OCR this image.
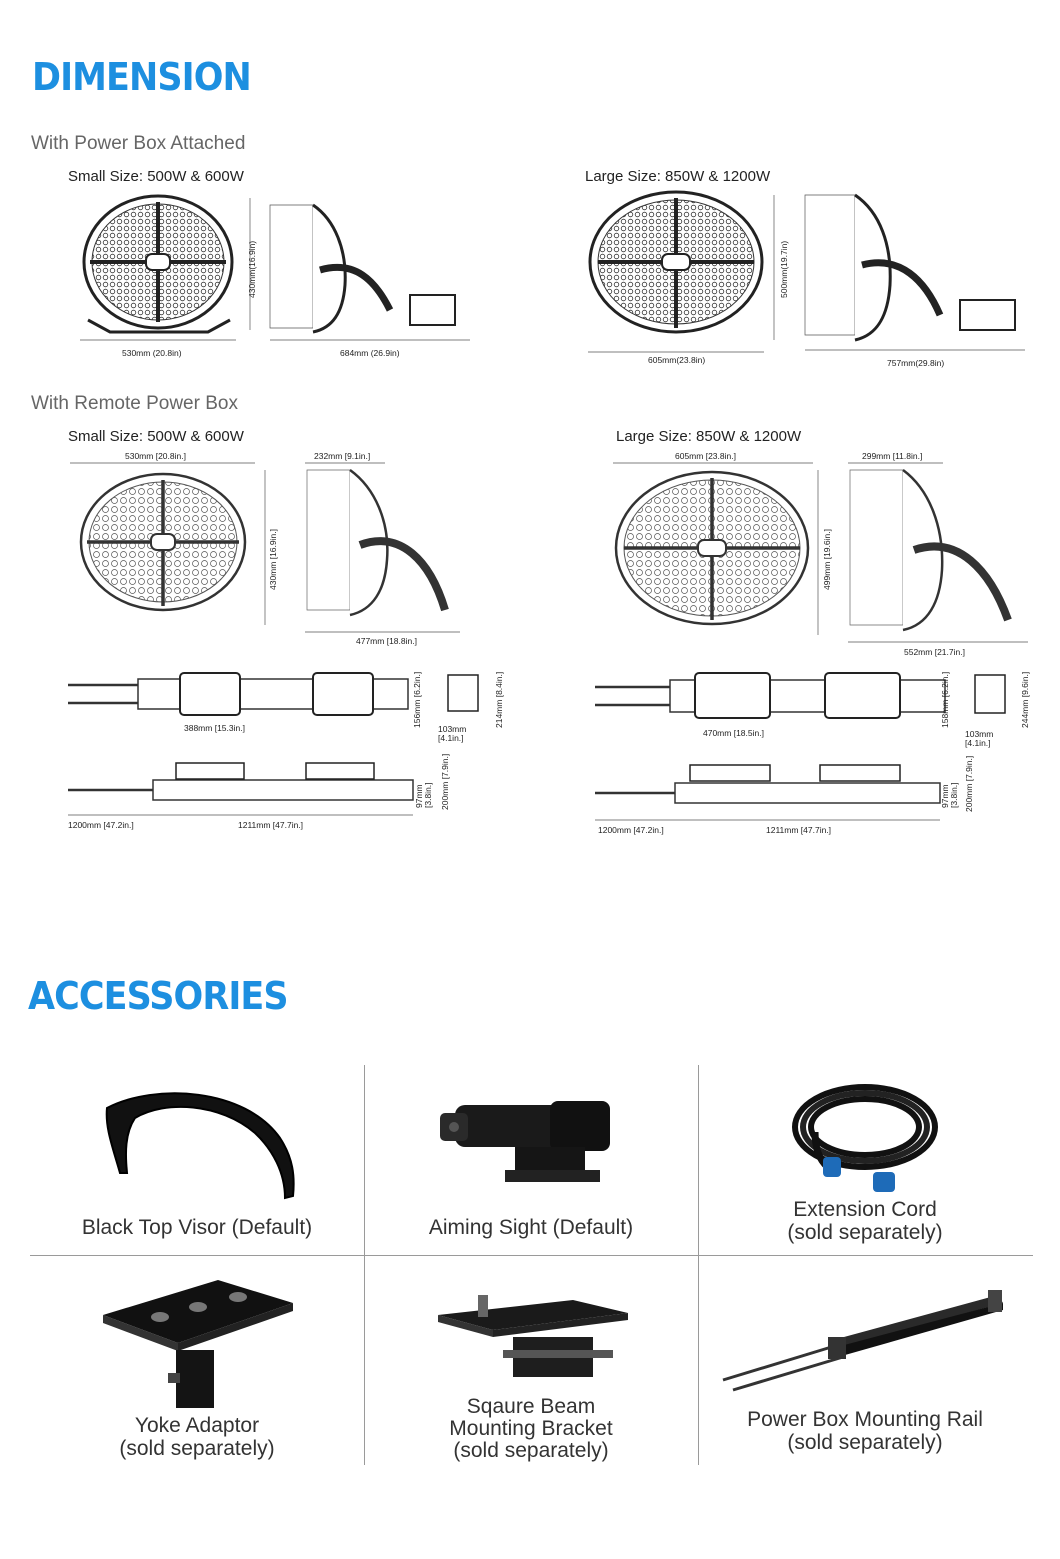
DIMENSION
With Power Box Attached
Small Size: 500W & 600W
530mm (20.8in)
430mm(16.9in)
684mm (26.9in)
Large Size: 850W & 1200W
605mm(23.8in)
500mm(19.7in)
757mm(29.8in)
With Remote Power Box
Small Size: 500W & 600W
530mm [20.8in.]
430mm [16.9in.]
232mm [9.1in.]
477mm [18.8in.]
Large Size: 850W & 1200W
605mm [23.8in.]
499mm [19.6in.]
299mm [11.8in.]
552mm [21.7in.]
388mm [15.3in.]	156mm [6.2in.]	214mm [8.4in.]
103mm
[4.1in.]
97mm [3.8in.] 200mm [7.9in.]
1200mm [47.2in.]	1211mm [47.7in.]
470mm [18.5in.]
158mm [6.2in.]	244mm [9.6in.]
103mm
[4.1in.]
97mm [3.8in.] 200mm [7.9in.]
1200mm [47.2in.]	1211mm [47.7in.]
ACCESSORIES
Black Top Visor (Default)	Aiming Sight (Default)
Extension Cord
(sold separately)
Yoke Adaptor
(sold separately)
Sqaure Beam
Mounting Bracket
(sold separately)
Power Box Mounting Rail
(sold separately)
